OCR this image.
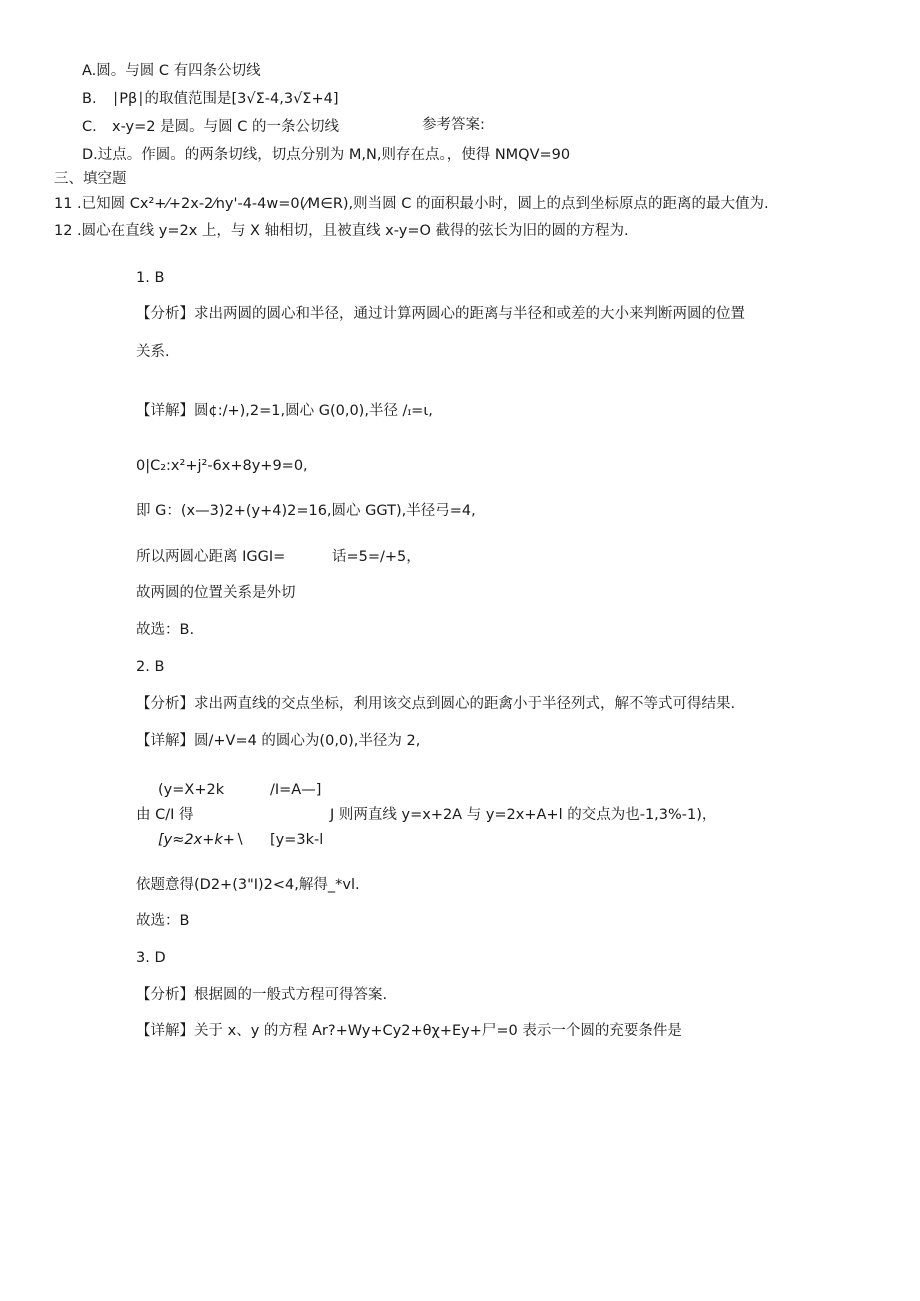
A.圆。与圆 C 有四条公切线
B. ∣Pβ∣的取值范围是[3√Σ-4,3√Σ+4]
C. x-y=2 是圆。与圆 C 的一条公切线	参考答案:
D.过点。作圆。的两条切线，切点分别为 M,N,则存在点。，使得 NMQV=90
三、填空题
11 .已知圆 Cx²+⁄+2x-2⁄ny'-4-4w=0(⁄M∈R),则当圆 C 的面积最小时，圆上的点到坐标原点的距离的最大值为.
12 .圆心在直线 y=2x 上，与 X 轴相切，且被直线 x-y=O 截得的弦长为旧的圆的方程为.
1. B
【分析】求出两圆的圆心和半径，通过计算两圆心的距离与半径和或差的大小来判断两圆的位置
关系.
【详解】圆¢:/+),2=1,圆心 G(0,0),半径 /ɪ=ι,
0|C₂:x²+j²-6x+8y+9=0,
即 G：(x—3)2+(y+4)2=16,圆心 GGT),半径弓=4,
所以两圆心距离 IGGI=	话=5=/+5，
故两圆的位置关系是外切
故选：B.
2. B
【分析】求出两直线的交点坐标，利用该交点到圆心的距禽小于半径列式，解不等式可得结果.
【详解】圆/+V=4 的圆心为(0,0),半径为 2,
(y=X+2k	/I=A—]
由 C/I 得	J 则两直线 y=x+2A 与 y=2x+A+l 的交点为也-1,3%-1)，
[y≈2x+k+∖ [y=3k-l
依题意得(D2+(3"I)2<4,解得_*vl.
故选：B
3. D
【分析】根据圆的一般式方程可得答案.
【详解】关于 x、y 的方程 Ar?+Wy+Cy2+θχ+Ey+尸=0 表示一个圆的充要条件是
